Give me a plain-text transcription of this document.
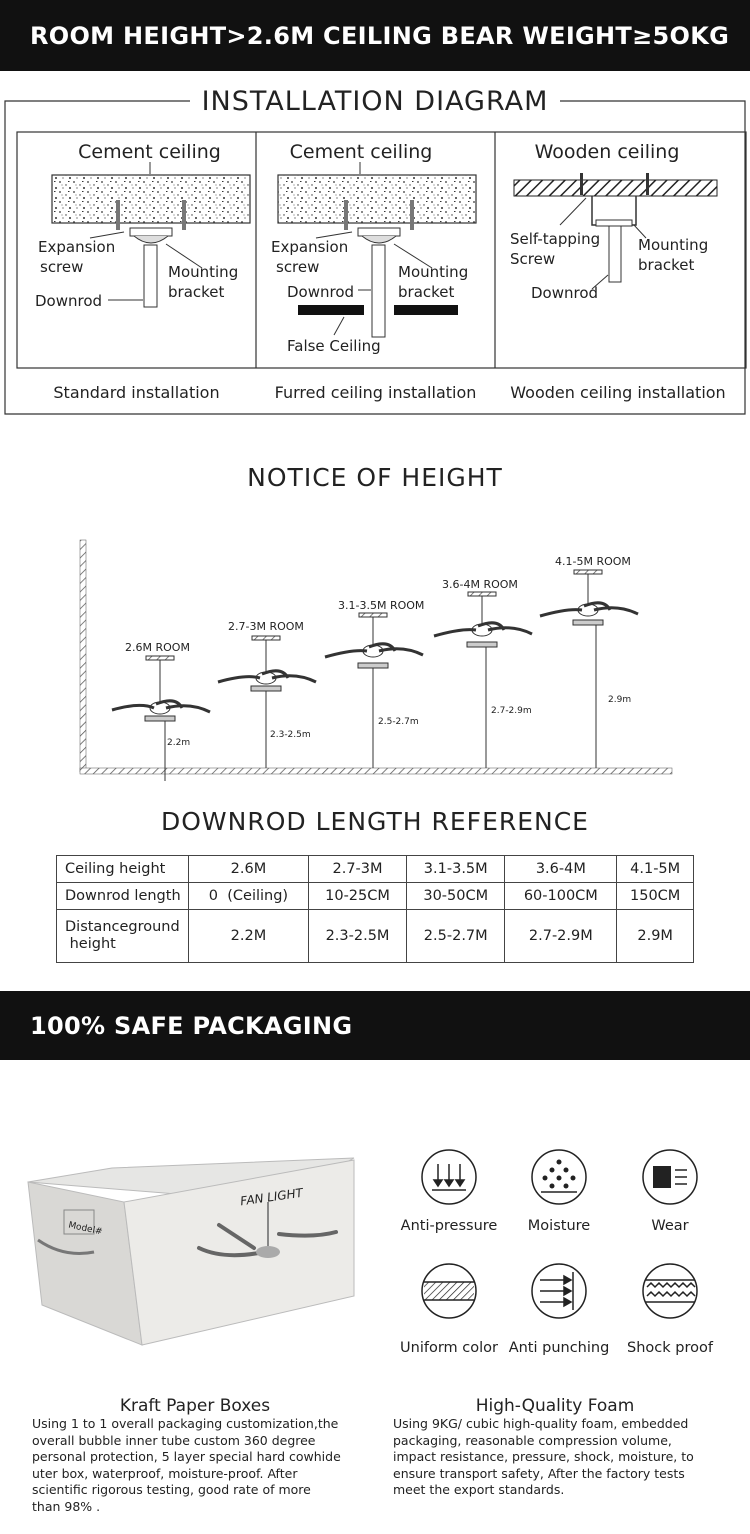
ROOM HEIGHT>2.6M CEILING BEAR WEIGHT≥5OKG
INSTALLATION DIAGRAM
Cement ceiling
Expansion
screw	Mounting
bracket
Downrod
Standard installation
Cement ceiling
Expansion
screw	Mounting
bracket
Downrod
False Ceiling
Furred ceiling installation
Wooden ceiling
Self-tapping
Screw
Mounting
bracket
Downrod
Wooden ceiling installation
NOTICE OF HEIGHT
2.6M ROOM
2.7-3M ROOM
3.1-3.5M ROOM
3.6-4M ROOM
4.1-5M ROOM
2.2m
2.3-2.5m
2.5-2.7m
2.7-2.9m
2.9m
DOWNROD LENGTH REFERENCE
Ceiling height	2.6M	2.7-3M	3.1-3.5M	3.6-4M	4.1-5M
Downrod length	0  (Ceiling)	10-25CM	30-50CM	60-100CM	150CM

Distanceground
height	2.2M	2.3-2.5M	2.5-2.7M	2.7-2.9M	2.9M
100% SAFE PACKAGING
FAN LIGHT
Model#	Anti-pressure	Moisture	Wear
Uniform color Anti punching	Shock proof
Kraft Paper Boxes
Using 1 to 1 overall packaging customization,the
overall bubble inner tube custom 360 degree
personal protection, 5 layer special hard cowhide
uter box, waterproof, moisture-proof. After
scientific rigorous testing, good rate of more
than 98% .
High-Quality Foam
Using 9KG/ cubic high-quality foam, embedded
packaging, reasonable compression volume,
impact resistance, pressure, shock, moisture, to
ensure transport safety, After the factory tests
meet the export standards.
